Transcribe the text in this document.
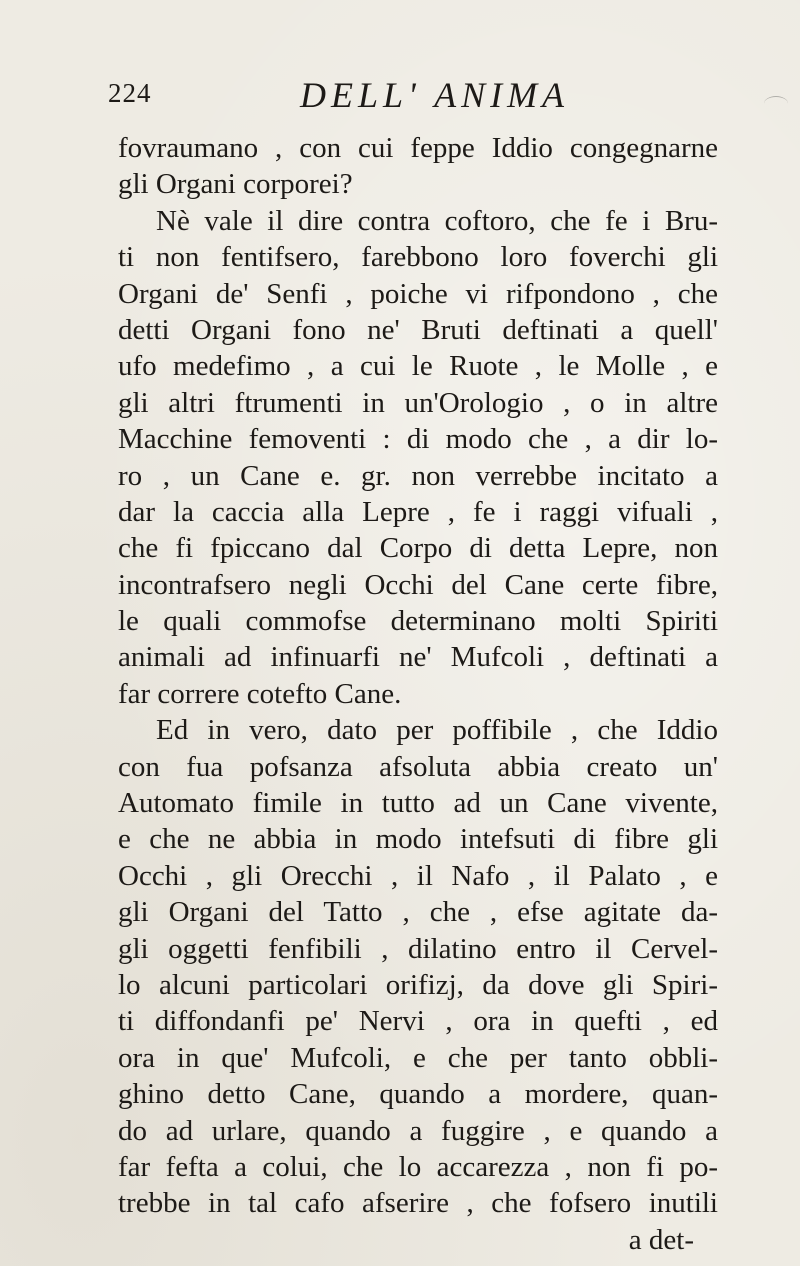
224	DELL' ANIMA
fovraumano , con cui feppe Iddio congegnarne
gli Organi corporei?
Nè vale il dire contra coftoro, che fe i Bru-
ti non fentifsero, farebbono loro foverchi gli
Organi de' Senfi , poiche vi rifpondono , che
detti Organi fono ne' Bruti deftinati a quell'
ufo medefimo , a cui le Ruote , le Molle , e
gli altri ftrumenti in un'Orologio , o in altre
Macchine femoventi : di modo che , a dir lo-
ro , un Cane e. gr. non verrebbe incitato a
dar la caccia alla Lepre , fe i raggi vifuali ,
che fi fpiccano dal Corpo di detta Lepre, non
incontrafsero negli Occhi del Cane certe fibre,
le quali commofse determinano molti Spiriti
animali ad infinuarfi ne' Mufcoli , deftinati a
far correre cotefto Cane.
Ed in vero, dato per poffibile , che Iddio
con fua pofsanza afsoluta abbia creato un'
Automato fimile in tutto ad un Cane vivente,
e che ne abbia in modo intefsuti di fibre gli
Occhi , gli Orecchi , il Nafo , il Palato , e
gli Organi del Tatto , che , efse agitate da-
gli oggetti fenfibili , dilatino entro il Cervel-
lo alcuni particolari orifizj, da dove gli Spiri-
ti diffondanfi pe' Nervi , ora in quefti , ed
ora in que' Mufcoli, e che per tanto obbli-
ghino detto Cane, quando a mordere, quan-
do ad urlare, quando a fuggire , e quando a
far fefta a colui, che lo accarezza , non fi po-
trebbe in tal cafo afserire , che fofsero inutili
a det-
